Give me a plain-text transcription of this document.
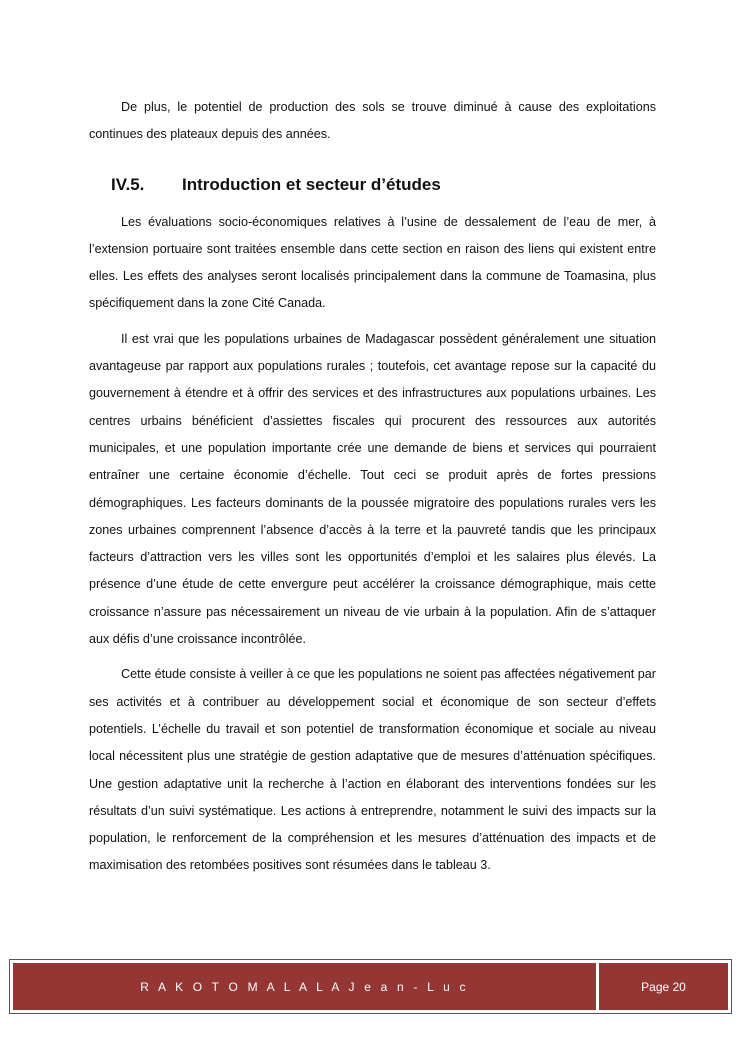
De plus, le potentiel de production des sols se trouve diminué à cause des exploitations continues des plateaux depuis des années.

IV.5.	Introduction et secteur d’études

Les évaluations socio-économiques relatives à l’usine de dessalement de l’eau de mer, à l’extension portuaire sont traitées ensemble dans cette section en raison des liens qui existent entre elles. Les effets des analyses seront localisés principalement dans la commune de Toamasina, plus spécifiquement dans la zone Cité Canada.

Il est vrai que les populations urbaines de Madagascar possèdent généralement une situation avantageuse par rapport aux populations rurales ; toutefois, cet avantage repose sur la capacité du gouvernement à étendre et à offrir des services et des infrastructures aux populations urbaines. Les centres urbains bénéficient d’assiettes fiscales qui procurent des ressources aux autorités municipales, et une population importante crée une demande de biens et services qui pourraient entraîner une certaine économie d’échelle. Tout ceci se produit après de fortes pressions démographiques. Les facteurs dominants de la poussée migratoire des populations rurales vers les zones urbaines comprennent l’absence d’accès à la terre et la pauvreté tandis que les principaux facteurs d’attraction vers les villes sont les opportunités d’emploi et les salaires plus élevés. La présence d’une étude de cette envergure peut accélérer la croissance démographique, mais cette croissance n’assure pas nécessairement un niveau de vie urbain à la population. Afin de s’attaquer aux défis d’une croissance incontrôlée.

Cette étude consiste à veiller à ce que les populations ne soient pas affectées négativement par ses activités et à contribuer au développement social et économique de son secteur d’effets potentiels. L’échelle du travail et son potentiel de transformation économique et sociale au niveau local nécessitent plus une stratégie de gestion adaptative que de mesures d’atténuation spécifiques. Une gestion adaptative unit la recherche à l’action en élaborant des interventions fondées sur les résultats d’un suivi systématique. Les actions à entreprendre, notamment le suivi des impacts sur la population, le renforcement de la compréhension et les mesures d’atténuation des impacts et de maximisation des retombées positives sont résumées dans le tableau 3.

R A K O T O M A L A L A J e a n - L u c	Page 20
